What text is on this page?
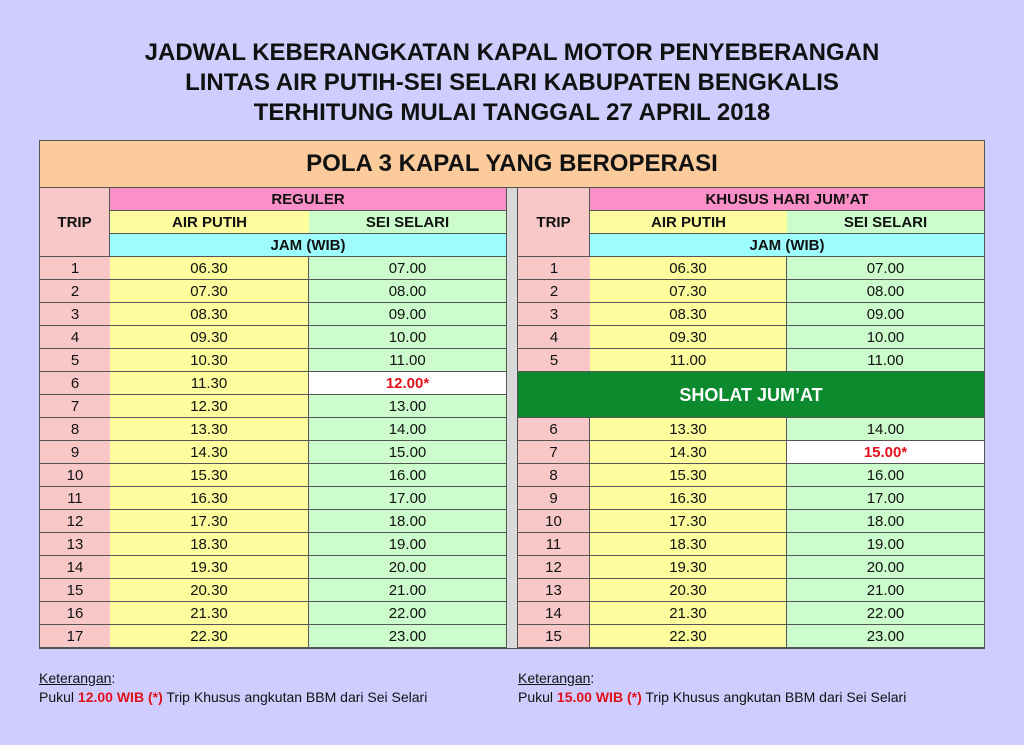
JADWAL KEBERANGKATAN KAPAL MOTOR PENYEBERANGAN
LINTAS AIR PUTIH-SEI SELARI KABUPATEN BENGKALIS
TERHITUNG MULAI TANGGAL 27 APRIL 2018
POLA 3 KAPAL YANG BEROPERASI
TRIP
REGULER
AIR PUTIH	SEI SELARI
JAM (WIB)
1	06.30	07.00
2	07.30	08.00
3	08.30	09.00
4	09.30	10.00
5	10.30	11.00
6	11.30	12.00*
7	12.30	13.00
8	13.30	14.00
9	14.30	15.00
10	15.30	16.00
11	16.30	17.00
12	17.30	18.00
13	18.30	19.00
14	19.30	20.00
15	20.30	21.00
16	21.30	22.00
17	22.30	23.00
TRIP
KHUSUS HARI JUM’AT
AIR PUTIH	SEI SELARI
JAM (WIB)
1	06.30	07.00
2	07.30	08.00
3	08.30	09.00
4	09.30	10.00
5	11.00	11.00
SHOLAT JUM’AT
6	13.30	14.00
7	14.30	15.00*
8	15.30	16.00
9	16.30	17.00
10	17.30	18.00
11	18.30	19.00
12	19.30	20.00
13	20.30	21.00
14	21.30	22.00
15	22.30	23.00
Keterangan:
Pukul 12.00 WIB (*) Trip Khusus angkutan BBM dari Sei Selari
Keterangan:
Pukul 15.00 WIB (*) Trip Khusus angkutan BBM dari Sei Selari
